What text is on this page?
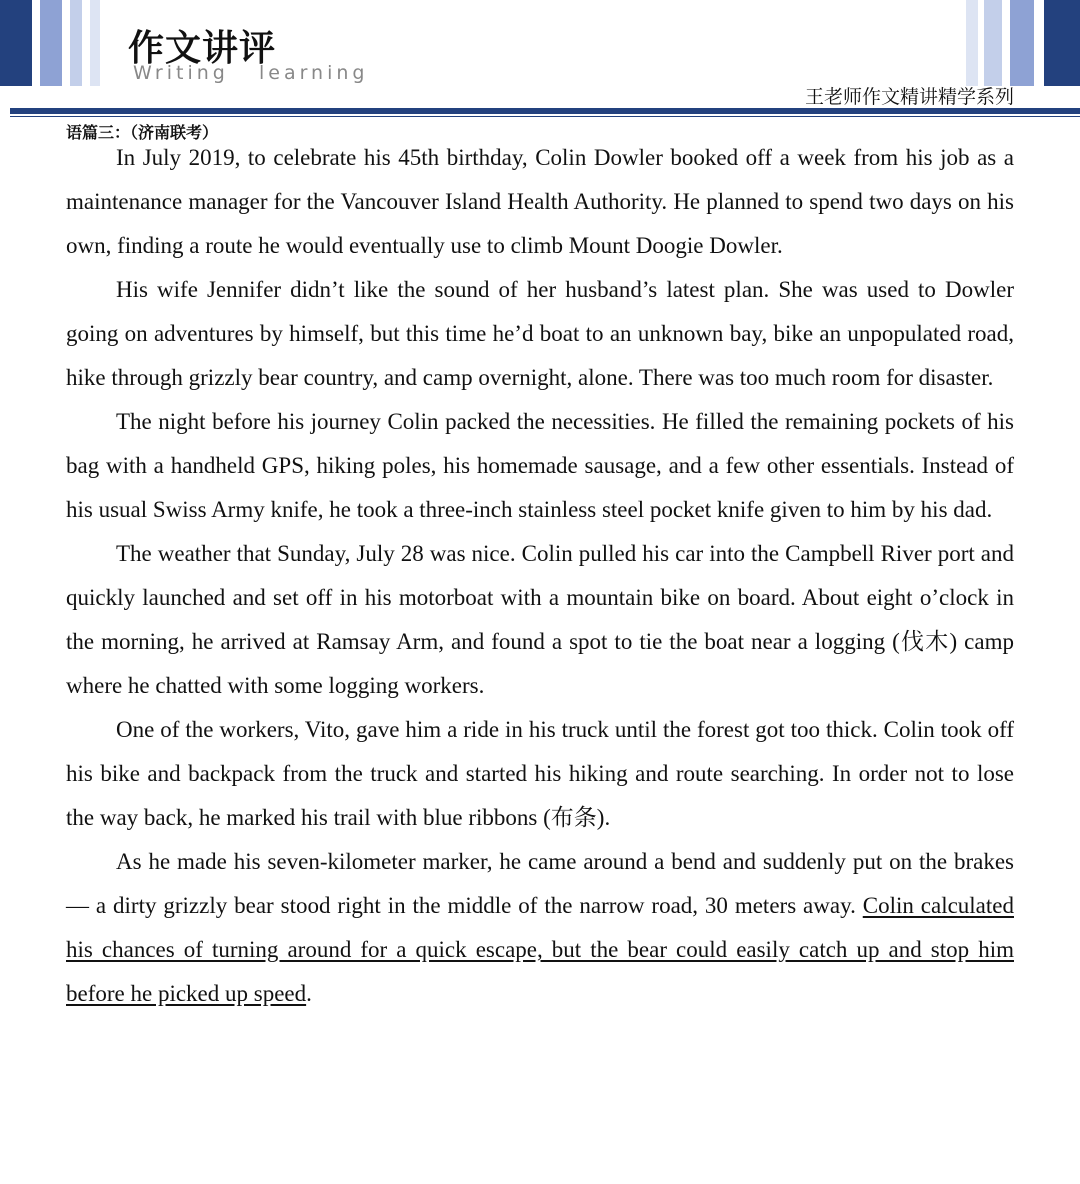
作文讲评
Writing   learning
王老师作文精讲精学系列
语篇三：（济南联考）

In July 2019, to celebrate his 45th birthday, Colin Dowler booked off a week from his job as a maintenance manager for the Vancouver Island Health Authority. He planned to spend two days on his own, finding a route he would eventually use to climb Mount Doogie Dowler.

His wife Jennifer didn’t like the sound of her husband’s latest plan. She was used to Dowler going on adventures by himself, but this time he’d boat to an unknown bay, bike an unpopulated road, hike through grizzly bear country, and camp overnight, alone. There was too much room for disaster.

The night before his journey Colin packed the necessities. He filled the remaining pockets of his bag with a handheld GPS, hiking poles, his homemade sausage, and a few other essentials. Instead of his usual Swiss Army knife, he took a three-inch stainless steel pocket knife given to him by his dad.

The weather that Sunday, July 28 was nice. Colin pulled his car into the Campbell River port and quickly launched and set off in his motorboat with a mountain bike on board. About eight o’clock in the morning, he arrived at Ramsay Arm, and found a spot to tie the boat near a logging (伐木) camp where he chatted with some logging workers.

One of the workers, Vito, gave him a ride in his truck until the forest got too thick. Colin took off his bike and backpack from the truck and started his hiking and route searching. In order not to lose the way back, he marked his trail with blue ribbons (布条).

As he made his seven-kilometer marker, he came around a bend and suddenly put on the brakes — a dirty grizzly bear stood right in the middle of the narrow road, 30 meters away. Colin calculated his chances of turning around for a quick escape, but the bear could easily catch up and stop him before he picked up speed.
